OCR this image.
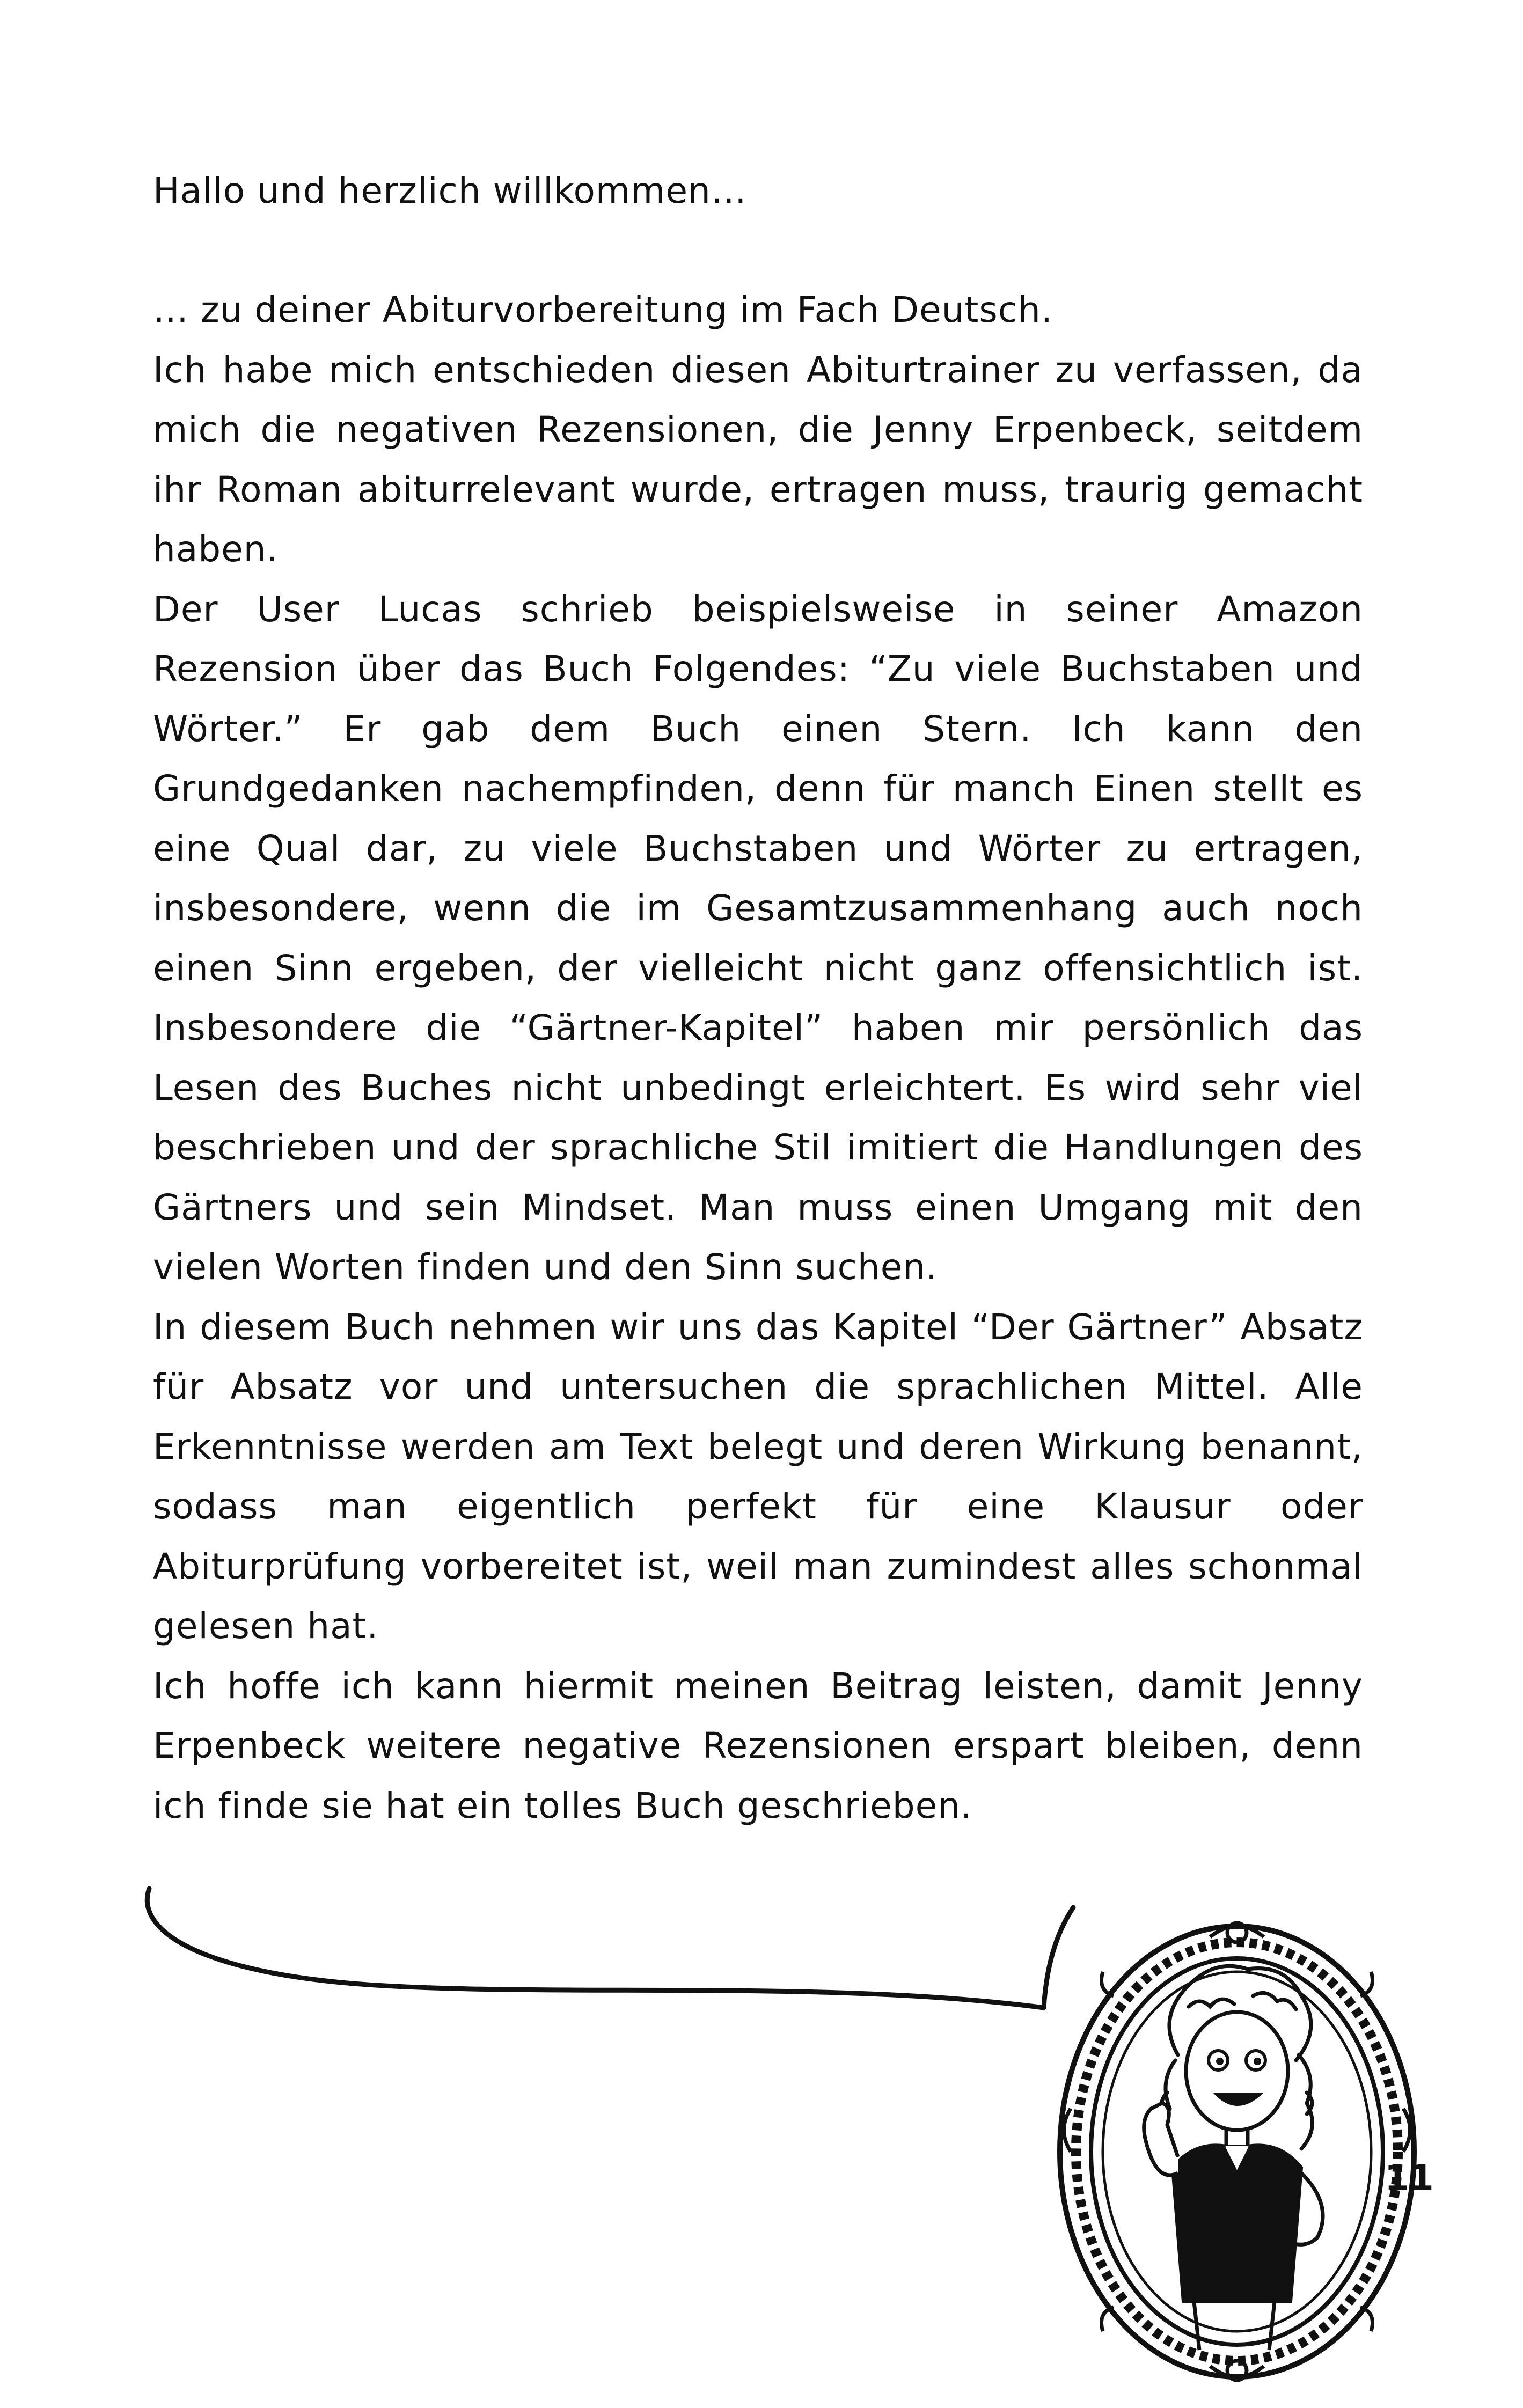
Hallo und herzlich willkommen…

… zu deiner Abiturvorbereitung im Fach Deutsch.

Ich habe mich entschieden diesen Abiturtrainer zu verfassen, da mich die negativen Rezensionen, die Jenny Erpenbeck, seitdem ihr Roman abiturrelevant wurde, ertragen muss, traurig gemacht haben.

Der User Lucas schrieb beispielsweise in seiner Amazon Rezension über das Buch Folgendes: “Zu viele Buchstaben und Wörter.” Er gab dem Buch einen Stern. Ich kann den Grundgedanken nachempfinden, denn für manch Einen stellt es eine Qual dar, zu viele Buchstaben und Wörter zu ertragen, insbesondere, wenn die im Gesamtzusammenhang auch noch einen Sinn ergeben, der vielleicht nicht ganz offensichtlich ist. Insbesondere die “Gärtner-Kapitel” haben mir persönlich das Lesen des Buches nicht unbedingt erleichtert. Es wird sehr viel beschrieben und der sprachliche Stil imitiert die Handlungen des Gärtners und sein Mindset. Man muss einen Umgang mit den vielen Worten finden und den Sinn suchen.

In diesem Buch nehmen wir uns das Kapitel “Der Gärtner” Absatz für Absatz vor und untersuchen die sprachlichen Mittel. Alle Erkenntnisse werden am Text belegt und deren Wirkung benannt, sodass man eigentlich perfekt für eine Klausur oder Abiturprüfung vorbereitet ist, weil man zumindest alles schonmal gelesen hat.

Ich hoffe ich kann hiermit meinen Beitrag leisten, damit Jenny Erpenbeck weitere negative Rezensionen erspart bleiben, denn ich finde sie hat ein tolles Buch geschrieben.

11
